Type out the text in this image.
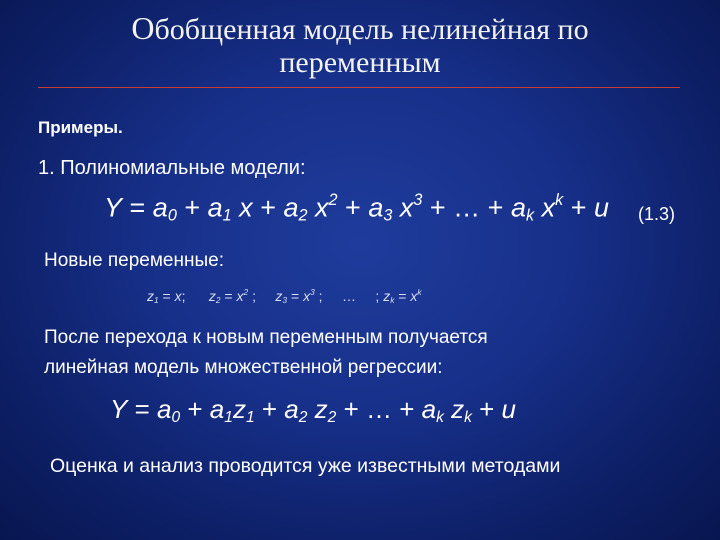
Обобщенная модель нелинейная по
переменным
Примеры.
1. Полиномиальные модели:
$Y = a_0 + a_1$ $x + a_2$ $x^2 + a_3$ $x^3$ + … + $a_k$ $x^k + u$ (1.3)
Новые переменные:
$z_1 = x$;      $z_2 = x^2$ ;     $z_3 = x^3$ ;     …     ; $z_k = x^k$
После перехода к новым переменным получается
линейная модель множественной регрессии:
$Y = a_0 + a_1z_1 + a_2$ $z_2$ + … + $a_k$ $z_k + u$
Оценка и анализ проводится уже известными методами
